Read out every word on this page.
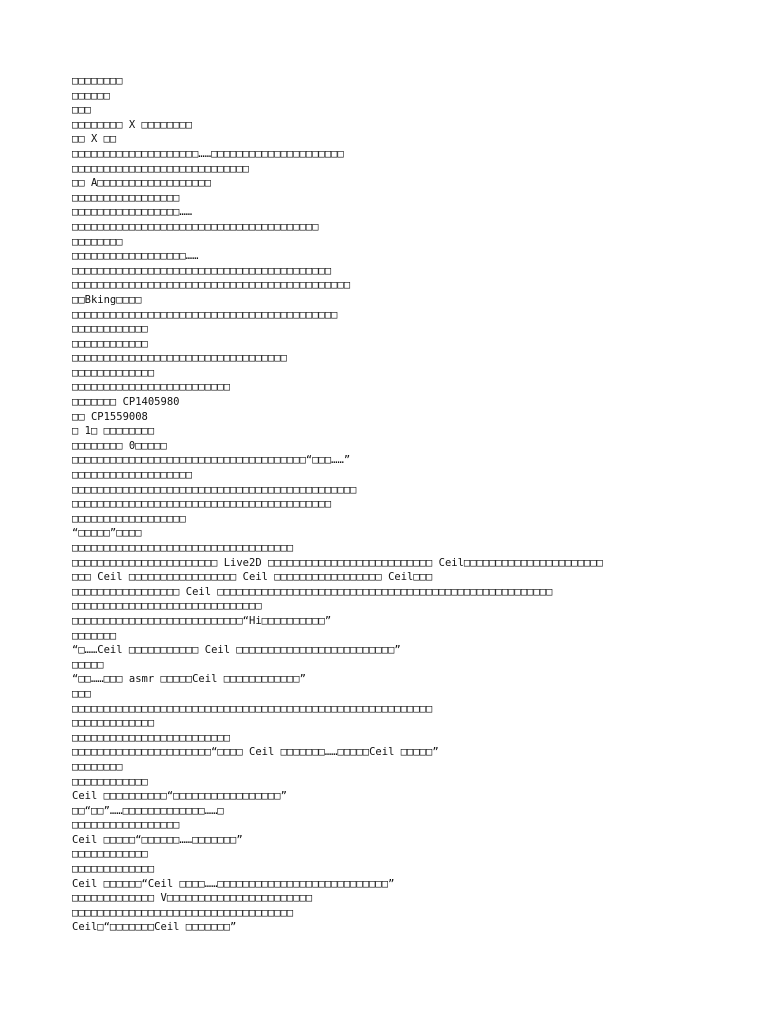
□□□□□□□□
□□□□□□
□□□
□□□□□□□□ X □□□□□□□□
□□ X □□
□□□□□□□□□□□□□□□□□□□□……□□□□□□□□□□□□□□□□□□□□□
□□□□□□□□□□□□□□□□□□□□□□□□□□□□
□□ A□□□□□□□□□□□□□□□□□□
□□□□□□□□□□□□□□□□□
□□□□□□□□□□□□□□□□□……
□□□□□□□□□□□□□□□□□□□□□□□□□□□□□□□□□□□□□□□
□□□□□□□□
□□□□□□□□□□□□□□□□□□……
□□□□□□□□□□□□□□□□□□□□□□□□□□□□□□□□□□□□□□□□□
□□□□□□□□□□□□□□□□□□□□□□□□□□□□□□□□□□□□□□□□□□□□
□□Bking□□□□
□□□□□□□□□□□□□□□□□□□□□□□□□□□□□□□□□□□□□□□□□□
□□□□□□□□□□□□
□□□□□□□□□□□□
□□□□□□□□□□□□□□□□□□□□□□□□□□□□□□□□□□
□□□□□□□□□□□□□
□□□□□□□□□□□□□□□□□□□□□□□□□
□□□□□□□ CP1405980
□□ CP1559008
□ 1□ □□□□□□□□
□□□□□□□□ 0□□□□□
□□□□□□□□□□□□□□□□□□□□□□□□□□□□□□□□□□□□□“□□□……”
□□□□□□□□□□□□□□□□□□□
□□□□□□□□□□□□□□□□□□□□□□□□□□□□□□□□□□□□□□□□□□□□□
□□□□□□□□□□□□□□□□□□□□□□□□□□□□□□□□□□□□□□□□□
□□□□□□□□□□□□□□□□□□
“□□□□□”□□□□
□□□□□□□□□□□□□□□□□□□□□□□□□□□□□□□□□□□
□□□□□□□□□□□□□□□□□□□□□□□ Live2D □□□□□□□□□□□□□□□□□□□□□□□□□□ Ceil□□□□□□□□□□□□□□□□□□□□□□
□□□ Ceil □□□□□□□□□□□□□□□□□ Ceil □□□□□□□□□□□□□□□□□ Ceil□□□
□□□□□□□□□□□□□□□□□ Ceil □□□□□□□□□□□□□□□□□□□□□□□□□□□□□□□□□□□□□□□□□□□□□□□□□□□□□
□□□□□□□□□□□□□□□□□□□□□□□□□□□□□□
□□□□□□□□□□□□□□□□□□□□□□□□□□□“Hi□□□□□□□□□□”
□□□□□□□
“□……Ceil □□□□□□□□□□□ Ceil □□□□□□□□□□□□□□□□□□□□□□□□□”
□□□□□
“□□……□□□ asmr □□□□□Ceil □□□□□□□□□□□□”
□□□
□□□□□□□□□□□□□□□□□□□□□□□□□□□□□□□□□□□□□□□□□□□□□□□□□□□□□□□□□
□□□□□□□□□□□□□
□□□□□□□□□□□□□□□□□□□□□□□□□
□□□□□□□□□□□□□□□□□□□□□□“□□□□ Ceil □□□□□□□……□□□□□Ceil □□□□□”
□□□□□□□□
□□□□□□□□□□□□
Ceil □□□□□□□□□□“□□□□□□□□□□□□□□□□□”
□□“□□”……□□□□□□□□□□□□□……□
□□□□□□□□□□□□□□□□□
Ceil □□□□□“□□□□□□……□□□□□□□”
□□□□□□□□□□□□
□□□□□□□□□□□□□
Ceil □□□□□□“Ceil □□□□……□□□□□□□□□□□□□□□□□□□□□□□□□□□”
□□□□□□□□□□□□□ V□□□□□□□□□□□□□□□□□□□□□□□
□□□□□□□□□□□□□□□□□□□□□□□□□□□□□□□□□□□
Ceil□“□□□□□□□Ceil □□□□□□□”
